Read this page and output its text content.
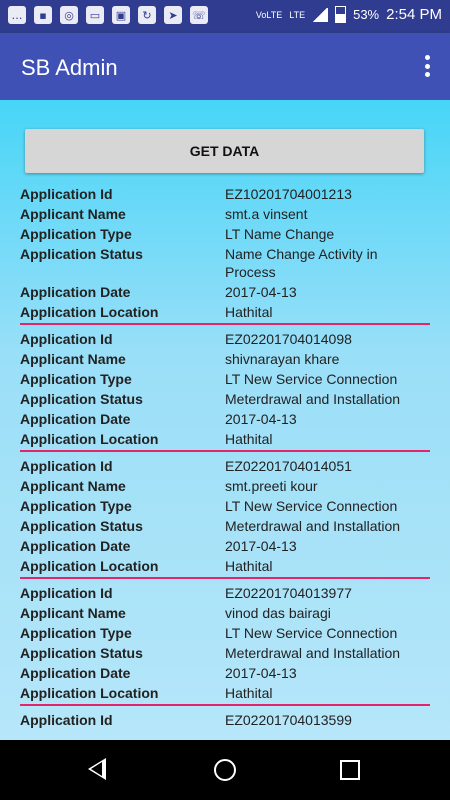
…	▪	◎	▭	▣	↻	➤	☏	VoLTE LTE	53% 2:54 PM
SB Admin
GET DATA
Application Id	EZ10201704001213
Applicant Name	smt.a vinsent
Application Type	LT Name Change
Application Status	Name Change Activity in Process
Application Date	2017-04-13
Application Location	Hathital
Application Id	EZ02201704014098
Applicant Name	shivnarayan khare
Application Type	LT New Service Connection
Application Status	Meterdrawal and Installation
Application Date	2017-04-13
Application Location	Hathital
Application Id	EZ02201704014051
Applicant Name	smt.preeti kour
Application Type	LT New Service Connection
Application Status	Meterdrawal and Installation
Application Date	2017-04-13
Application Location	Hathital
Application Id	EZ02201704013977
Applicant Name	vinod das bairagi
Application Type	LT New Service Connection
Application Status	Meterdrawal and Installation
Application Date	2017-04-13
Application Location	Hathital
Application Id	EZ02201704013599
